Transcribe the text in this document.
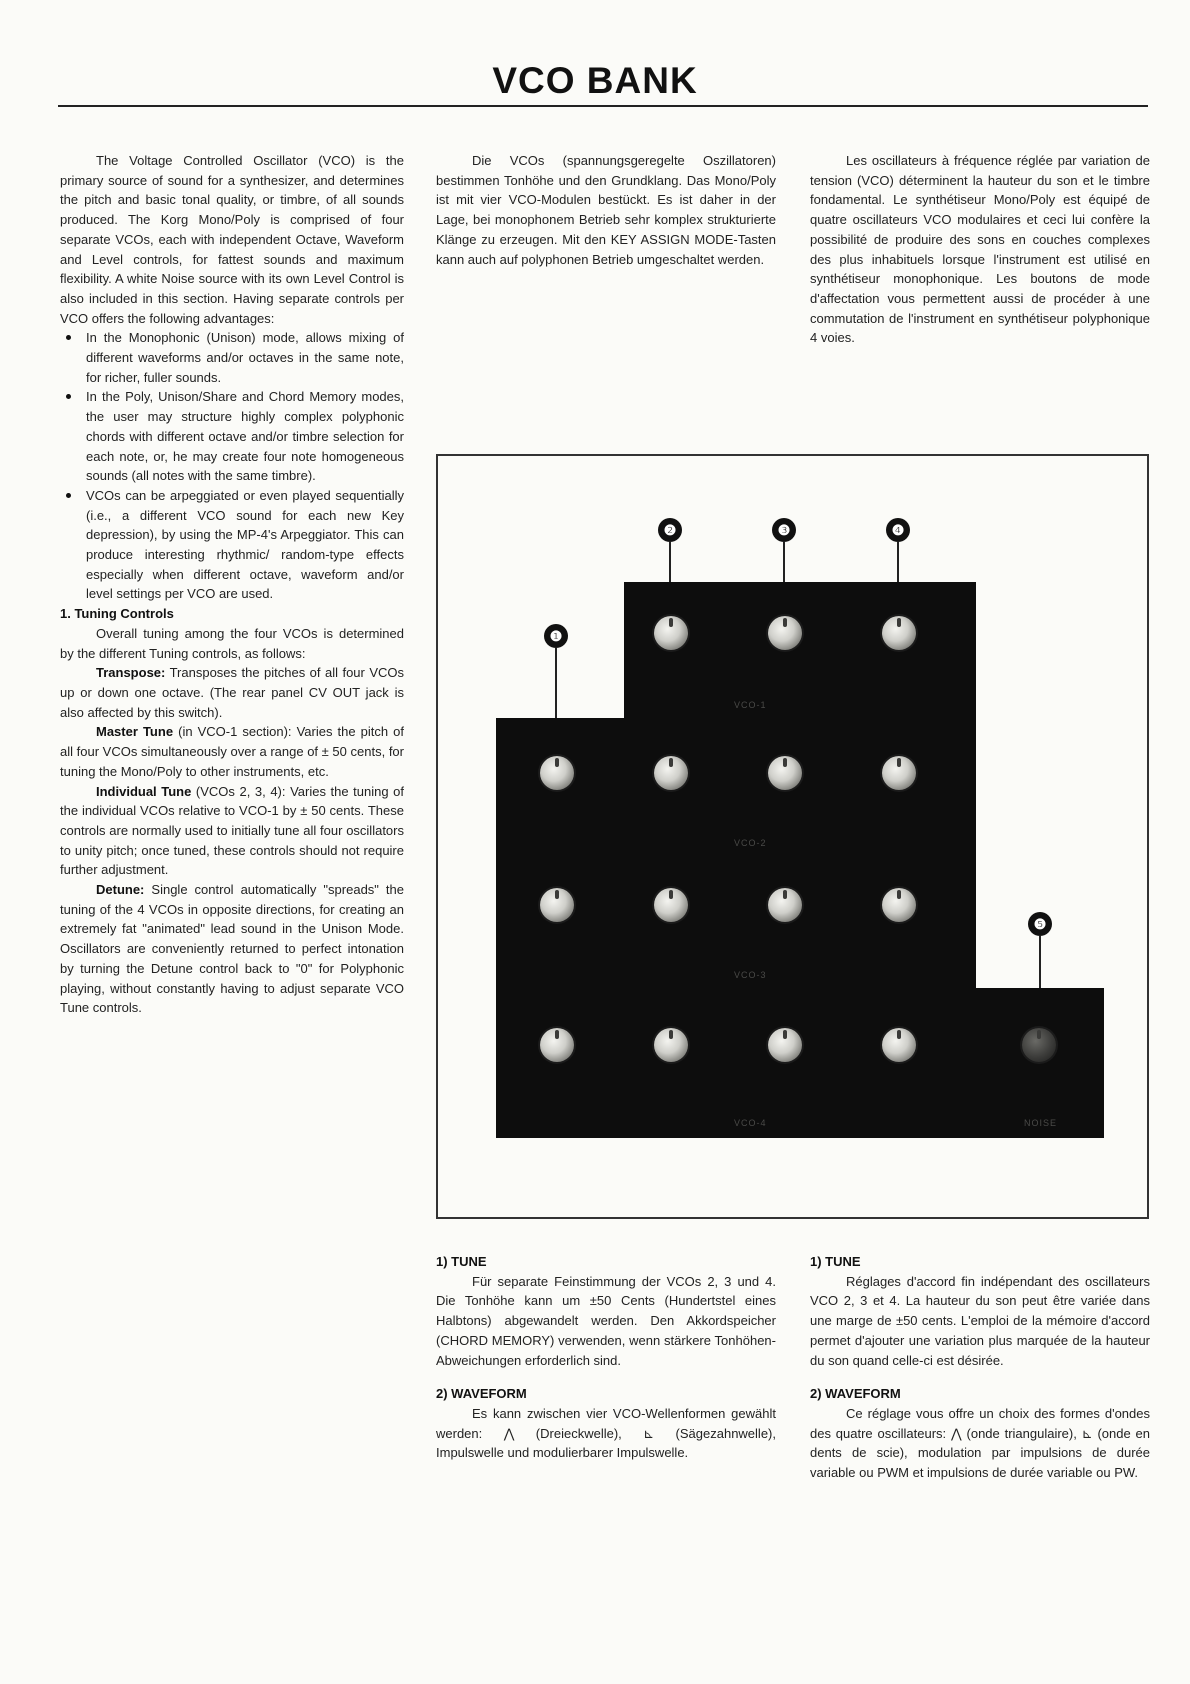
VCO BANK

The Voltage Controlled Oscillator (VCO) is the primary source of sound for a synthesizer, and determines the pitch and basic tonal quality, or timbre, of all sounds produced. The Korg Mono/Poly is comprised of four separate VCOs, each with independent Octave, Waveform and Level controls, for fattest sounds and maximum flexibility. A white Noise source with its own Level Control is also included in this section. Having separate controls per VCO offers the following advantages:

In the Monophonic (Unison) mode, allows mixing of different waveforms and/or octaves in the same note, for richer, fuller sounds.
In the Poly, Unison/Share and Chord Memory modes, the user may structure highly complex polyphonic chords with different octave and/or timbre selection for each note, or, he may create four note homogeneous sounds (all notes with the same timbre).
VCOs can be arpeggiated or even played sequentially (i.e., a different VCO sound for each new Key depression), by using the MP-4's Arpeggiator. This can produce interesting rhythmic/ random-type effects especially when different octave, waveform and/or level settings per VCO are used.

1. Tuning Controls

Overall tuning among the four VCOs is determined by the different Tuning controls, as follows:

Transpose: Transposes the pitches of all four VCOs up or down one octave. (The rear panel CV OUT jack is also affected by this switch).

Master Tune (in VCO-1 section): Varies the pitch of all four VCOs simultaneously over a range of ± 50 cents, for tuning the Mono/Poly to other instruments, etc.

Individual Tune (VCOs 2, 3, 4): Varies the tuning of the individual VCOs relative to VCO-1 by ± 50 cents. These controls are normally used to initially tune all four oscillators to unity pitch; once tuned, these controls should not require further adjustment.

Detune: Single control automatically "spreads" the tuning of the 4 VCOs in opposite directions, for creating an extremely fat "animated" lead sound in the Unison Mode. Oscillators are conveniently returned to perfect intonation by turning the Detune control back to "0" for Polyphonic playing, without constantly having to adjust separate VCO Tune controls.

Die VCOs (spannungsgeregelte Oszillatoren) bestimmen Tonhöhe und den Grundklang. Das Mono/Poly ist mit vier VCO-Modulen bestückt. Es ist daher in der Lage, bei monophonem Betrieb sehr komplex strukturierte Klänge zu erzeugen. Mit den KEY ASSIGN MODE-Tasten kann auch auf polyphonen Betrieb umgeschaltet werden.

Les oscillateurs à fréquence réglée par variation de tension (VCO) déterminent la hauteur du son et le timbre fondamental. Le synthétiseur Mono/Poly est équipé de quatre oscillateurs VCO modulaires et ceci lui confère la possibilité de produire des sons en couches complexes des plus inhabituels lorsque l'instrument est utilisé en synthétiseur monophonique. Les boutons de mode d'affectation vous permettent aussi de procéder à une commutation de l'instrument en synthétiseur polyphonique 4 voies.

VCO-1
VCO-2
VCO-3
VCO-4	NOISE
❶
❷	❸	❹
❺

1) TUNE

Für separate Feinstimmung der VCOs 2, 3 und 4. Die Tonhöhe kann um ±50 Cents (Hundertstel eines Halbtons) abgewandelt werden. Den Akkordspeicher (CHORD MEMORY) verwenden, wenn stärkere Tonhöhen-Abweichungen erforderlich sind.

2) WAVEFORM

Es kann zwischen vier VCO-Wellenformen gewählt werden: ⋀ (Dreieckwelle), ⊾ (Sägezahnwelle), Impulswelle und modulierbarer Impulswelle.

1) TUNE

Réglages d'accord fin indépendant des oscillateurs VCO 2, 3 et 4. La hauteur du son peut être variée dans une marge de ±50 cents. L'emploi de la mémoire d'accord permet d'ajouter une variation plus marquée de la hauteur du son quand celle-ci est désirée.

2) WAVEFORM

Ce réglage vous offre un choix des formes d'ondes des quatre oscillateurs: ⋀ (onde triangulaire), ⊾ (onde en dents de scie), modulation par impulsions de durée variable ou PWM et impulsions de durée variable ou PW.
